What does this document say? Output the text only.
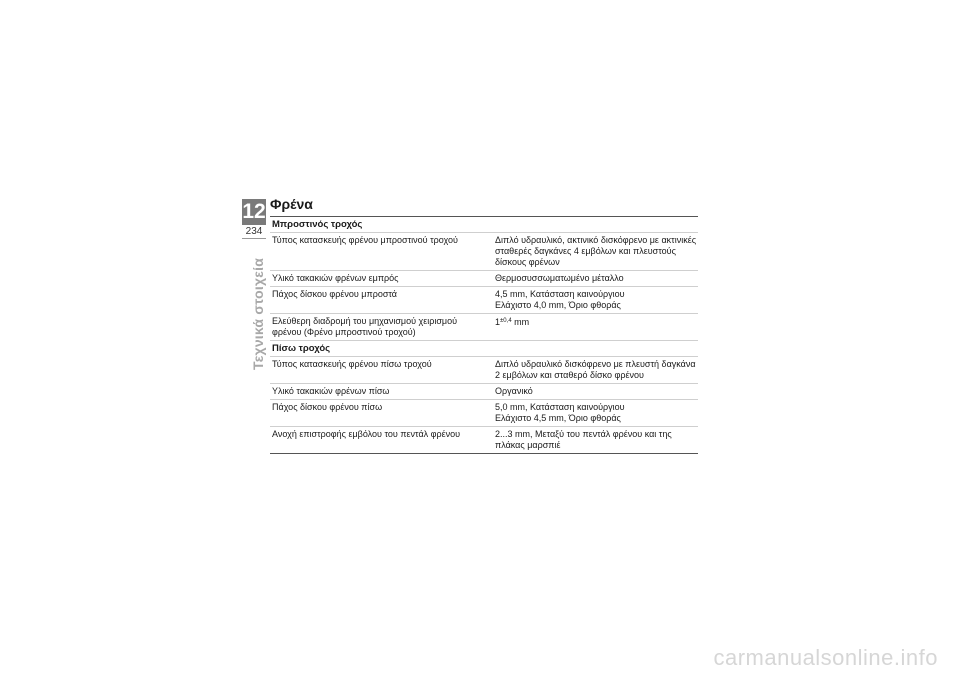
12
234
Τεχνικά στοιχεία
Φρένα
Μπροστινός τροχός	
Τύπος κατασκευής φρένου μπροστινού τροχού	Διπλό υδραυλικό, ακτινικό δισκόφρενο με ακτινικές
σταθερές δαγκάνες 4 εμβόλων και πλευστούς
δίσκους φρένων

Υλικό τακακιών φρένων εμπρός	Θερμοσυσσωματωμένο μέταλλο

Πάχος δίσκου φρένου μπροστά	4,5 mm, Κατάσταση καινούργιου
Ελάχιστο 4,0 mm, Όριο φθοράς

Ελεύθερη διαδρομή του μηχανισμού χειρισμού
φρένου (Φρένο μπροστινού τροχού)	$1^{\pm 0,4}$ mm
Πίσω τροχός	
Τύπος κατασκευής φρένου πίσω τροχού	Διπλό υδραυλικό δισκόφρενο με πλευστή δαγκάνα
2 εμβόλων και σταθερό δίσκο φρένου

Υλικό τακακιών φρένων πίσω	Οργανικό

Πάχος δίσκου φρένου πίσω	5,0 mm, Κατάσταση καινούργιου
Ελάχιστο 4,5 mm, Όριο φθοράς

Ανοχή επιστροφής εμβόλου του πεντάλ φρένου	2...3 mm, Μεταξύ του πεντάλ φρένου και της
πλάκας μαρσπιέ
carmanualsonline.info
